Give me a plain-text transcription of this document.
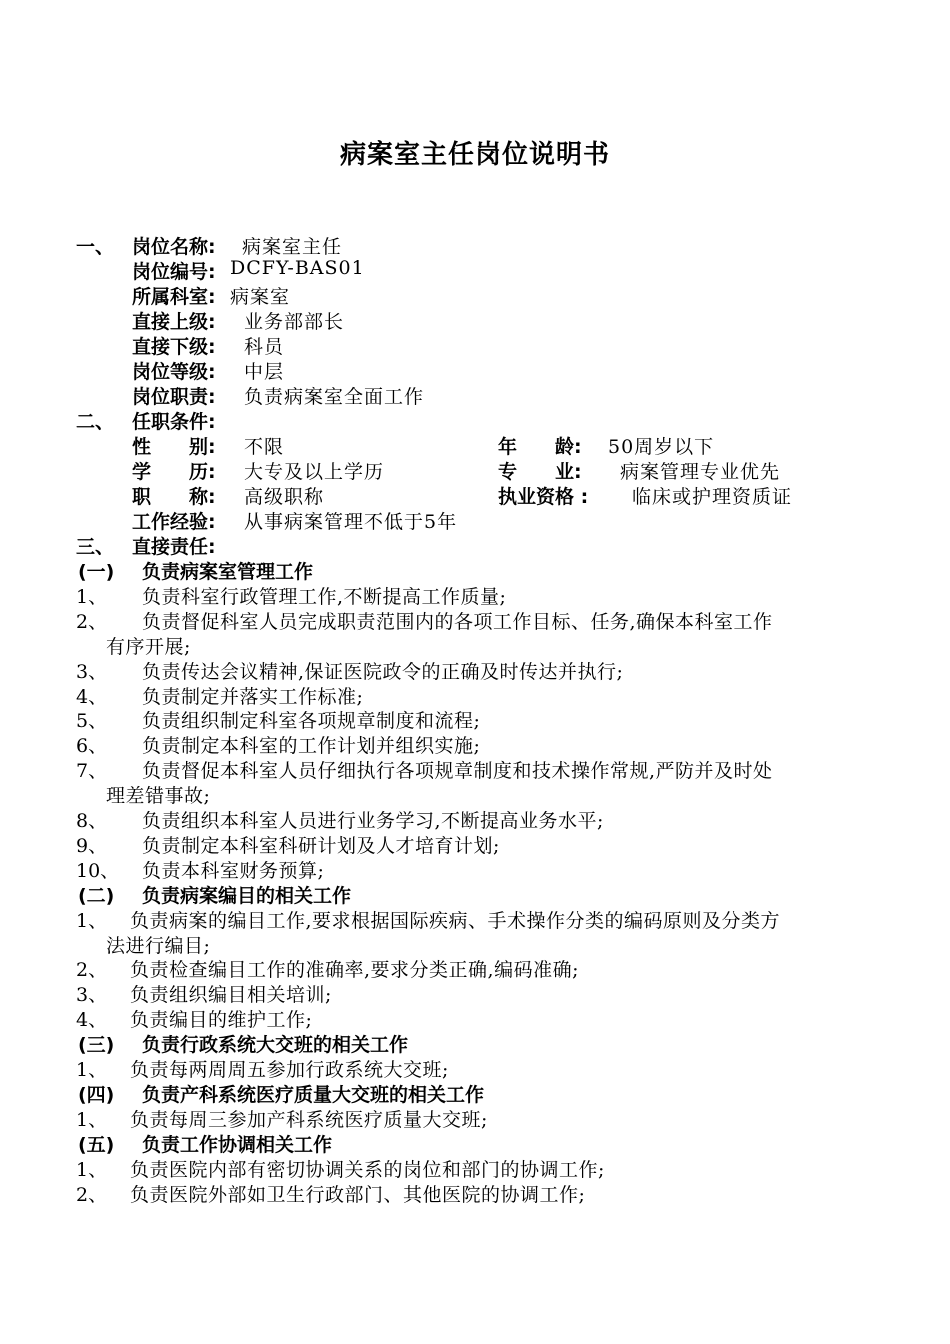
病案室主任岗位说明书
一、 岗位名称: 病案室主任
岗位编号: DCFY-BAS01
所属科室: 病案室
直接上级: 业务部部长
直接下级: 科员
岗位等级: 中层
岗位职责: 负责病案室全面工作
二、 任职条件:
性　　别: 不限
学　　历: 大专及以上学历
职　　称: 高级职称
工作经验: 从事病案管理不低于5年
年　　龄: 50周岁以下
专　　业: 病案管理专业优先
执业资格 : 临床或护理资质证
三、 直接责任:
(一) 负责病案室管理工作
1、 负责科室行政管理工作,不断提高工作质量;
2、 负责督促科室人员完成职责范围内的各项工作目标、任务,确保本科室工作
有序开展;
3、 负责传达会议精神,保证医院政令的正确及时传达并执行;
4、 负责制定并落实工作标准;
5、 负责组织制定科室各项规章制度和流程;
6、 负责制定本科室的工作计划并组织实施;
7、 负责督促本科室人员仔细执行各项规章制度和技术操作常规,严防并及时处
理差错事故;
8、 负责组织本科室人员进行业务学习,不断提高业务水平;
9、 负责制定本科室科研计划及人才培育计划;
10、 负责本科室财务预算;
(二) 负责病案编目的相关工作
1、 负责病案的编目工作,要求根据国际疾病、手术操作分类的编码原则及分类方
法进行编目;
2、 负责检查编目工作的准确率,要求分类正确,编码准确;
3、 负责组织编目相关培训;
4、 负责编目的维护工作;
(三) 负责行政系统大交班的相关工作
1、 负责每两周周五参加行政系统大交班;
(四) 负责产科系统医疗质量大交班的相关工作
1、 负责每周三参加产科系统医疗质量大交班;
(五) 负责工作协调相关工作
1、 负责医院内部有密切协调关系的岗位和部门的协调工作;
2、 负责医院外部如卫生行政部门、其他医院的协调工作;
